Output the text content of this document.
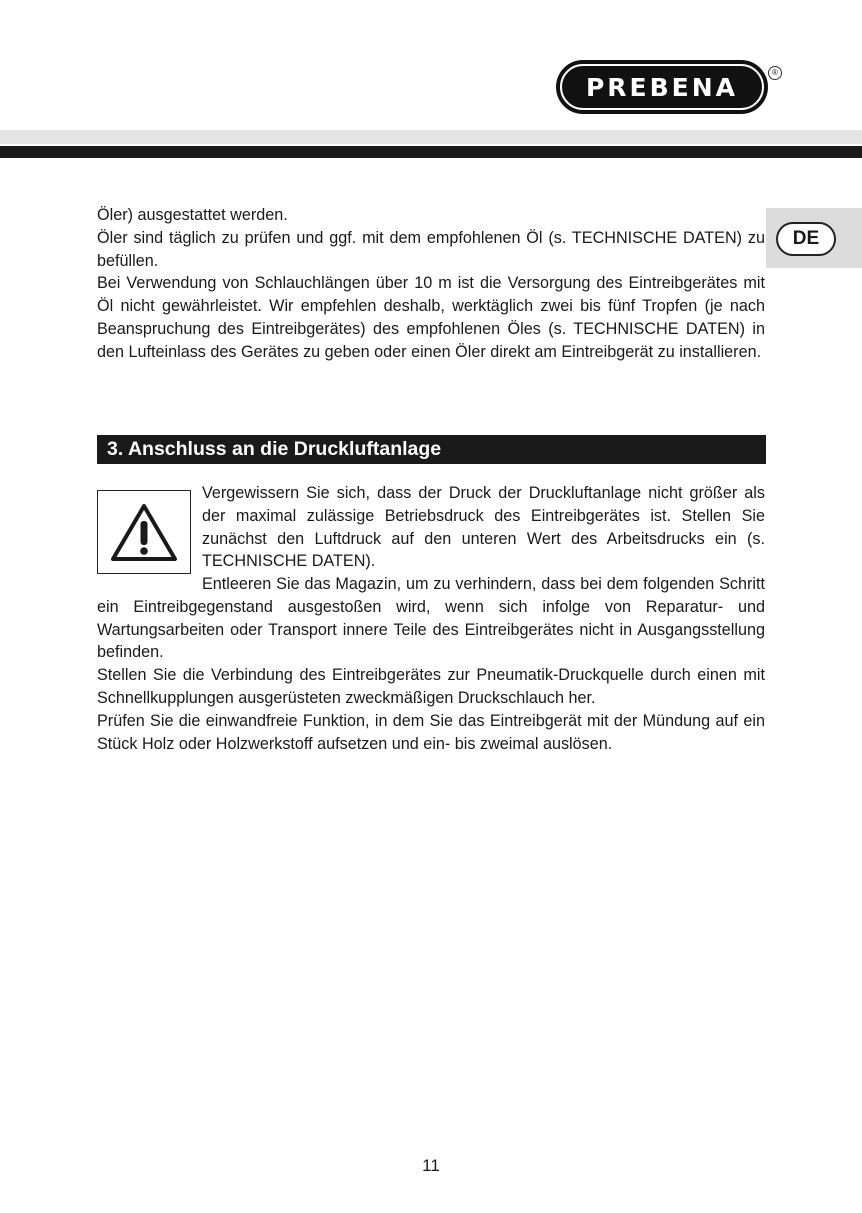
PREBENA	®
DE

Öler) ausgestattet werden.

Öler sind täglich zu prüfen und ggf. mit dem empfohlenen Öl (s. TECHNISCHE DATEN) zu befüllen.

Bei Verwendung von Schlauchlängen über 10 m ist die Versorgung des Eintreibgerätes mit Öl nicht gewährleistet. Wir empfehlen deshalb, werktäglich zwei bis fünf Tropfen (je nach Beanspruchung des Eintreibgerätes) des empfohlenen Öles (s. TECHNISCHE DATEN) in den Lufteinlass des Gerätes zu geben oder einen Öler direkt am Eintreibgerät zu installieren.

3. Anschluss an die Druckluftanlage

Vergewissern Sie sich, dass der Druck der Druckluftanlage nicht größer als der maximal zulässige Betriebsdruck des Eintreibgerätes ist. Stellen Sie zunächst den Luftdruck auf den unteren Wert des Arbeitsdrucks ein (s. TECHNISCHE DATEN).

Entleeren Sie das Magazin, um zu verhindern, dass bei dem folgenden Schritt ein Eintreibgegenstand ausgestoßen wird, wenn sich infolge von Reparatur- und Wartungsarbeiten oder Transport innere Teile des Eintreibgerätes nicht in Ausgangsstellung befinden.

Stellen Sie die Verbindung des Eintreibgerätes zur Pneumatik-Druckquelle durch einen mit Schnellkupplungen ausgerüsteten zweckmäßigen Druckschlauch her.

Prüfen Sie die einwandfreie Funktion, in dem Sie das Eintreibgerät mit der Mündung auf ein Stück Holz oder Holzwerkstoff aufsetzen und ein- bis zweimal auslösen.

11
